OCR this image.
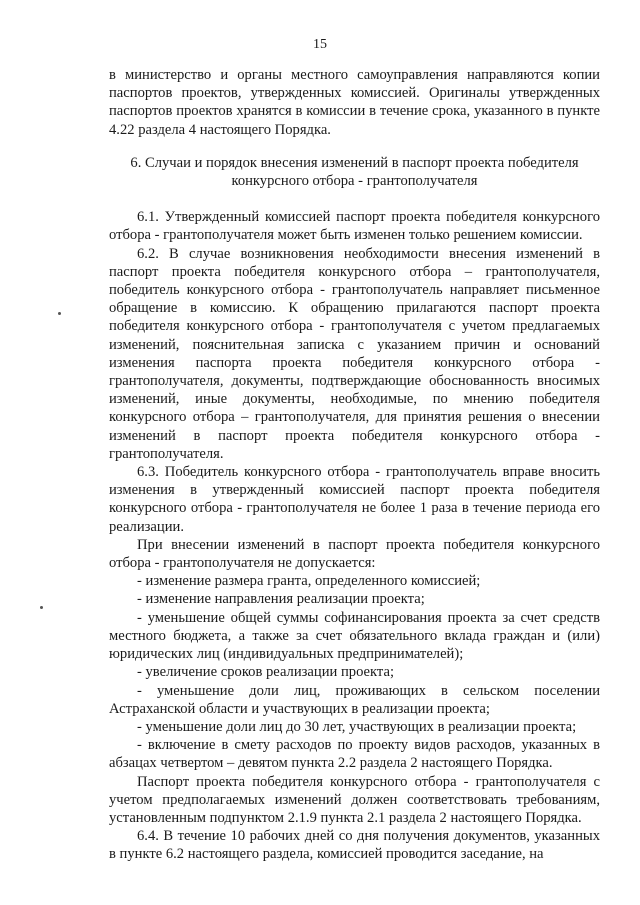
15

в министерство и органы местного самоуправления направляются копии паспортов проектов, утвержденных комиссией. Оригиналы утвержденных паспортов проектов хранятся в комиссии в течение срока, указанного в пункте 4.22 раздела 4 настоящего Порядка.

6. Случаи и порядок внесения изменений в паспорт проекта победителя конкурсного отбора - грантополучателя

6.1. Утвержденный комиссией паспорт проекта победителя конкурсного отбора - грантополучателя может быть изменен только решением комиссии.

6.2. В случае возникновения необходимости внесения изменений в паспорт проекта победителя конкурсного отбора – грантополучателя, победитель конкурсного отбора - грантополучатель направляет письменное обращение в комиссию. К обращению прилагаются паспорт проекта победителя конкурсного отбора - грантополучателя с учетом предлагаемых изменений, пояснительная записка с указанием причин и оснований изменения паспорта проекта победителя конкурсного отбора - грантополучателя, документы, подтверждающие обоснованность вносимых изменений, иные документы, необходимые, по мнению победителя конкурсного отбора – грантополучателя, для принятия решения о внесении изменений в паспорт проекта победителя конкурсного отбора - грантополучателя.

6.3. Победитель конкурсного отбора - грантополучатель вправе вносить изменения в утвержденный комиссией паспорт проекта победителя конкурсного отбора - грантополучателя не более 1 раза в течение периода его реализации.

При внесении изменений в паспорт проекта победителя конкурсного отбора - грантополучателя не допускается:

- изменение размера гранта, определенного комиссией;

- изменение направления реализации проекта;

- уменьшение общей суммы софинансирования проекта за счет средств местного бюджета, а также за счет обязательного вклада граждан и (или) юридических лиц (индивидуальных предпринимателей);

- увеличение сроков реализации проекта;

- уменьшение доли лиц, проживающих в сельском поселении Астраханской области и участвующих в реализации проекта;

- уменьшение доли лиц до 30 лет, участвующих в реализации проекта;

- включение в смету расходов по проекту видов расходов, указанных в абзацах четвертом – девятом пункта 2.2 раздела 2 настоящего Порядка.

Паспорт проекта победителя конкурсного отбора - грантополучателя с учетом предполагаемых изменений должен соответствовать требованиям, установленным подпунктом 2.1.9 пункта 2.1 раздела 2 настоящего Порядка.

6.4. В течение 10 рабочих дней со дня получения документов, указанных в пункте 6.2 настоящего раздела, комиссией проводится заседание, на
